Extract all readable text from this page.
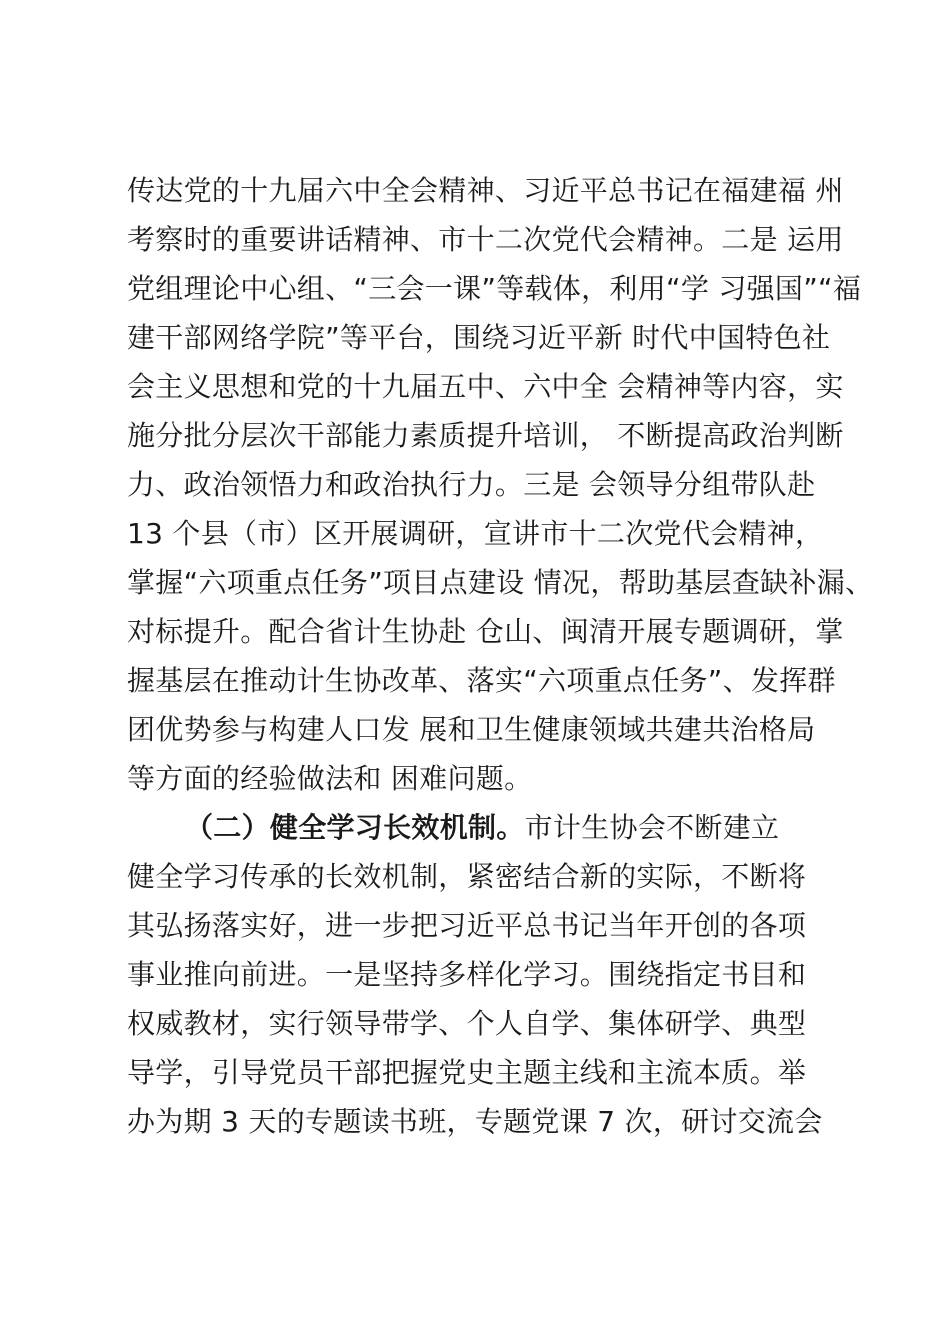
传达党的十九届六中全会精神、习近平总书记在福建福 州
考察时的重要讲话精神、市十二次党代会精神。二是 运用
党组理论中心组、“三会一课”等载体，利用“学 习强国”“福
建干部网络学院”等平台，围绕习近平新 时代中国特色社
会主义思想和党的十九届五中、六中全 会精神等内容，实
施分批分层次干部能力素质提升培训， 不断提高政治判断
力、政治领悟力和政治执行力。三是 会领导分组带队赴
13 个县（市）区开展调研，宣讲市十二次党代会精神，
掌握“六项重点任务”项目点建设 情况，帮助基层查缺补漏、
对标提升。配合省计生协赴 仓山、闽清开展专题调研，掌
握基层在推动计生协改革、落实“六项重点任务”、发挥群
团优势参与构建人口发 展和卫生健康领域共建共治格局
等方面的经验做法和 困难问题。
（二）健全学习长效机制。市计生协会不断建立
健全学习传承的长效机制，紧密结合新的实际，不断将
其弘扬落实好，进一步把习近平总书记当年开创的各项
事业推向前进。一是坚持多样化学习。围绕指定书目和
权威教材，实行领导带学、个人自学、集体研学、典型
导学，引导党员干部把握党史主题主线和主流本质。举
办为期 3 天的专题读书班，专题党课 7 次，研讨交流会
